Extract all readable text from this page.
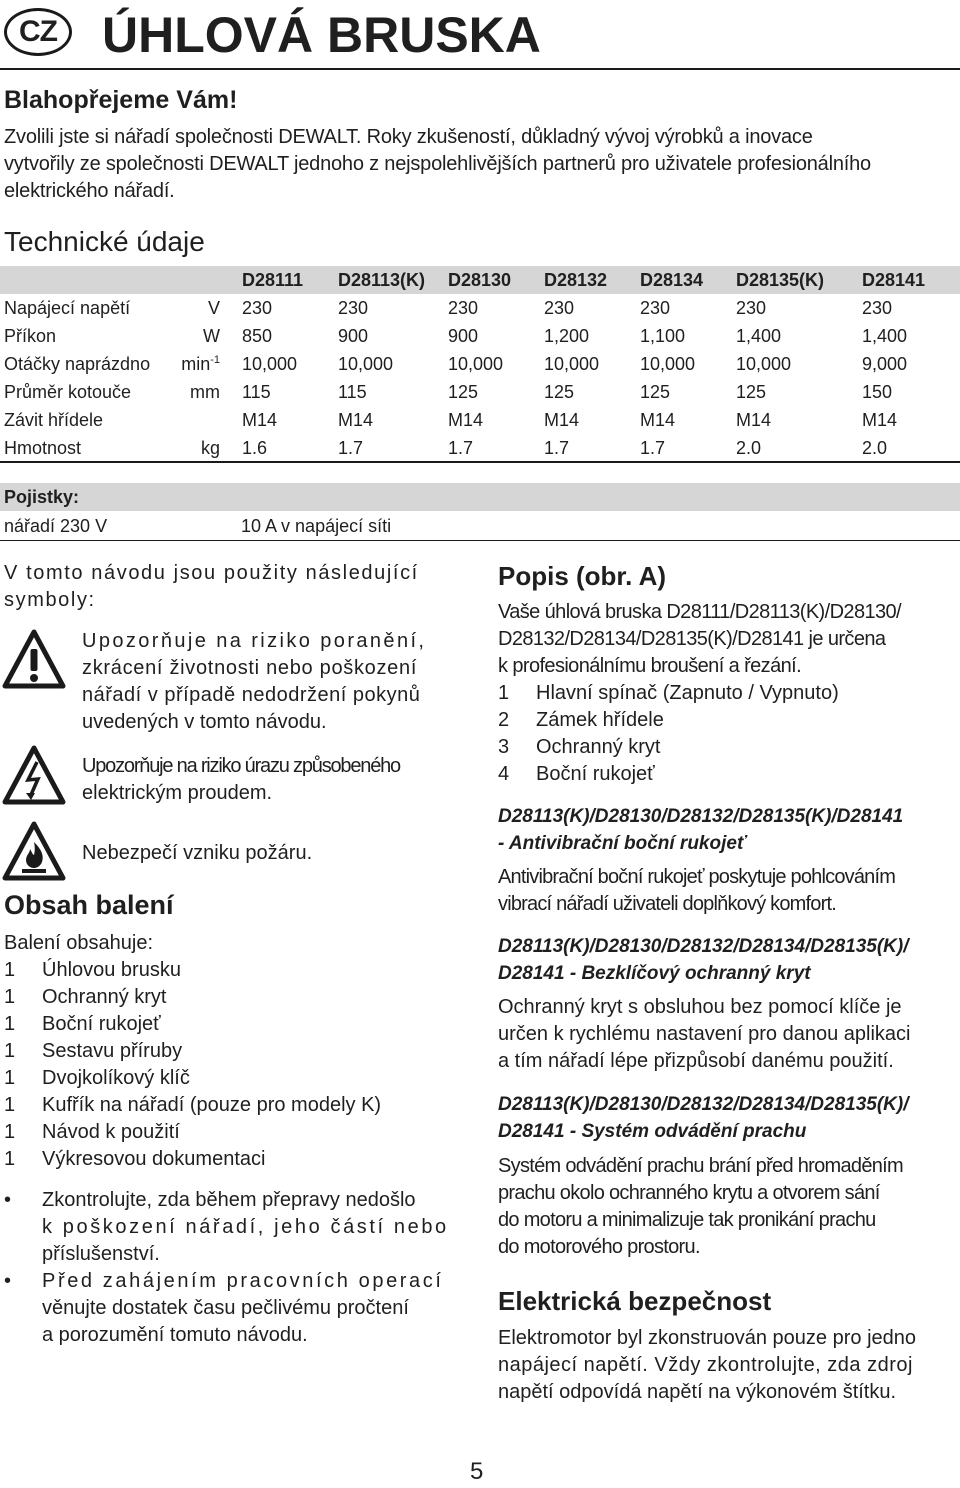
CZ ÚHLOVÁ BRUSKA
Blahopřejeme Vám!
Zvolili jste si nářadí společnosti DEWALT. Roky zkušeností, důkladný vývoj výrobků a inovace
vytvořily ze společnosti DEWALT jednoho z nejspolehlivějších partnerů pro uživatele profesionálního
elektrického nářadí.
Technické údaje
		D28111	D28113(K)	D28130	D28132	D28134	D28135(K)	D28141
Napájecí napětí	V	230	230	230	230	230	230	230
Příkon	W	850	900	900	1,200	1,100	1,400	1,400
Otáčky naprázdno	$\min^{-1}$	10,000	10,000	10,000	10,000	10,000	10,000	9,000
Průměr kotouče	mm	115	115	125	125	125	125	150
Závit hřídele		M14	M14	M14	M14	M14	M14	M14
Hmotnost	kg	1.6	1.7	1.7	1.7	1.7	2.0	2.0
Pojistky:
nářadí 230 V	10 A v napájecí síti
V tomto návodu jsou použity následující
symboly:
Upozorňuje na riziko poranění,
zkrácení životnosti nebo poškození
nářadí v případě nedodržení pokynů
uvedených v tomto návodu.
Upozorňuje na riziko úrazu způsobeného
elektrickým proudem.
Nebezpečí vzniku požáru.
Obsah balení
Balení obsahuje:
1	Úhlovou brusku
1	Ochranný kryt
1	Boční rukojeť
1	Sestavu příruby
1	Dvojkolíkový klíč
1	Kufřík na nářadí (pouze pro modely K)
1	Návod k použití
1	Výkresovou dokumentaci
•	Zkontrolujte, zda během přepravy nedošlo
k poškození nářadí, jeho částí nebo
příslušenství.
•	Před zahájením pracovních operací
věnujte dostatek času pečlivému pročtení
a porozumění tomuto návodu.
Popis (obr. A)
Vaše úhlová bruska D28111/D28113(K)/D28130/
D28132/D28134/D28135(K)/D28141 je určena
k profesionálnímu broušení a řezání.
1	Hlavní spínač (Zapnuto / Vypnuto)
2	Zámek hřídele
3	Ochranný kryt
4	Boční rukojeť
D28113(K)/D28130/D28132/D28135(K)/D28141
- Antivibrační boční rukojeť
Antivibrační boční rukojeť poskytuje pohlcováním
vibrací nářadí uživateli doplňkový komfort.
D28113(K)/D28130/D28132/D28134/D28135(K)/
D28141 - Bezklíčový ochranný kryt
Ochranný kryt s obsluhou bez pomocí klíče je
určen k rychlému nastavení pro danou aplikaci
a tím nářadí lépe přizpůsobí danému použití.
D28113(K)/D28130/D28132/D28134/D28135(K)/
D28141 - Systém odvádění prachu
Systém odvádění prachu brání před hromaděním
prachu okolo ochranného krytu a otvorem sání
do motoru a minimalizuje tak pronikání prachu
do motorového prostoru.
Elektrická bezpečnost
Elektromotor byl zkonstruován pouze pro jedno
napájecí napětí. Vždy zkontrolujte, zda zdroj
napětí odpovídá napětí na výkonovém štítku.
5
